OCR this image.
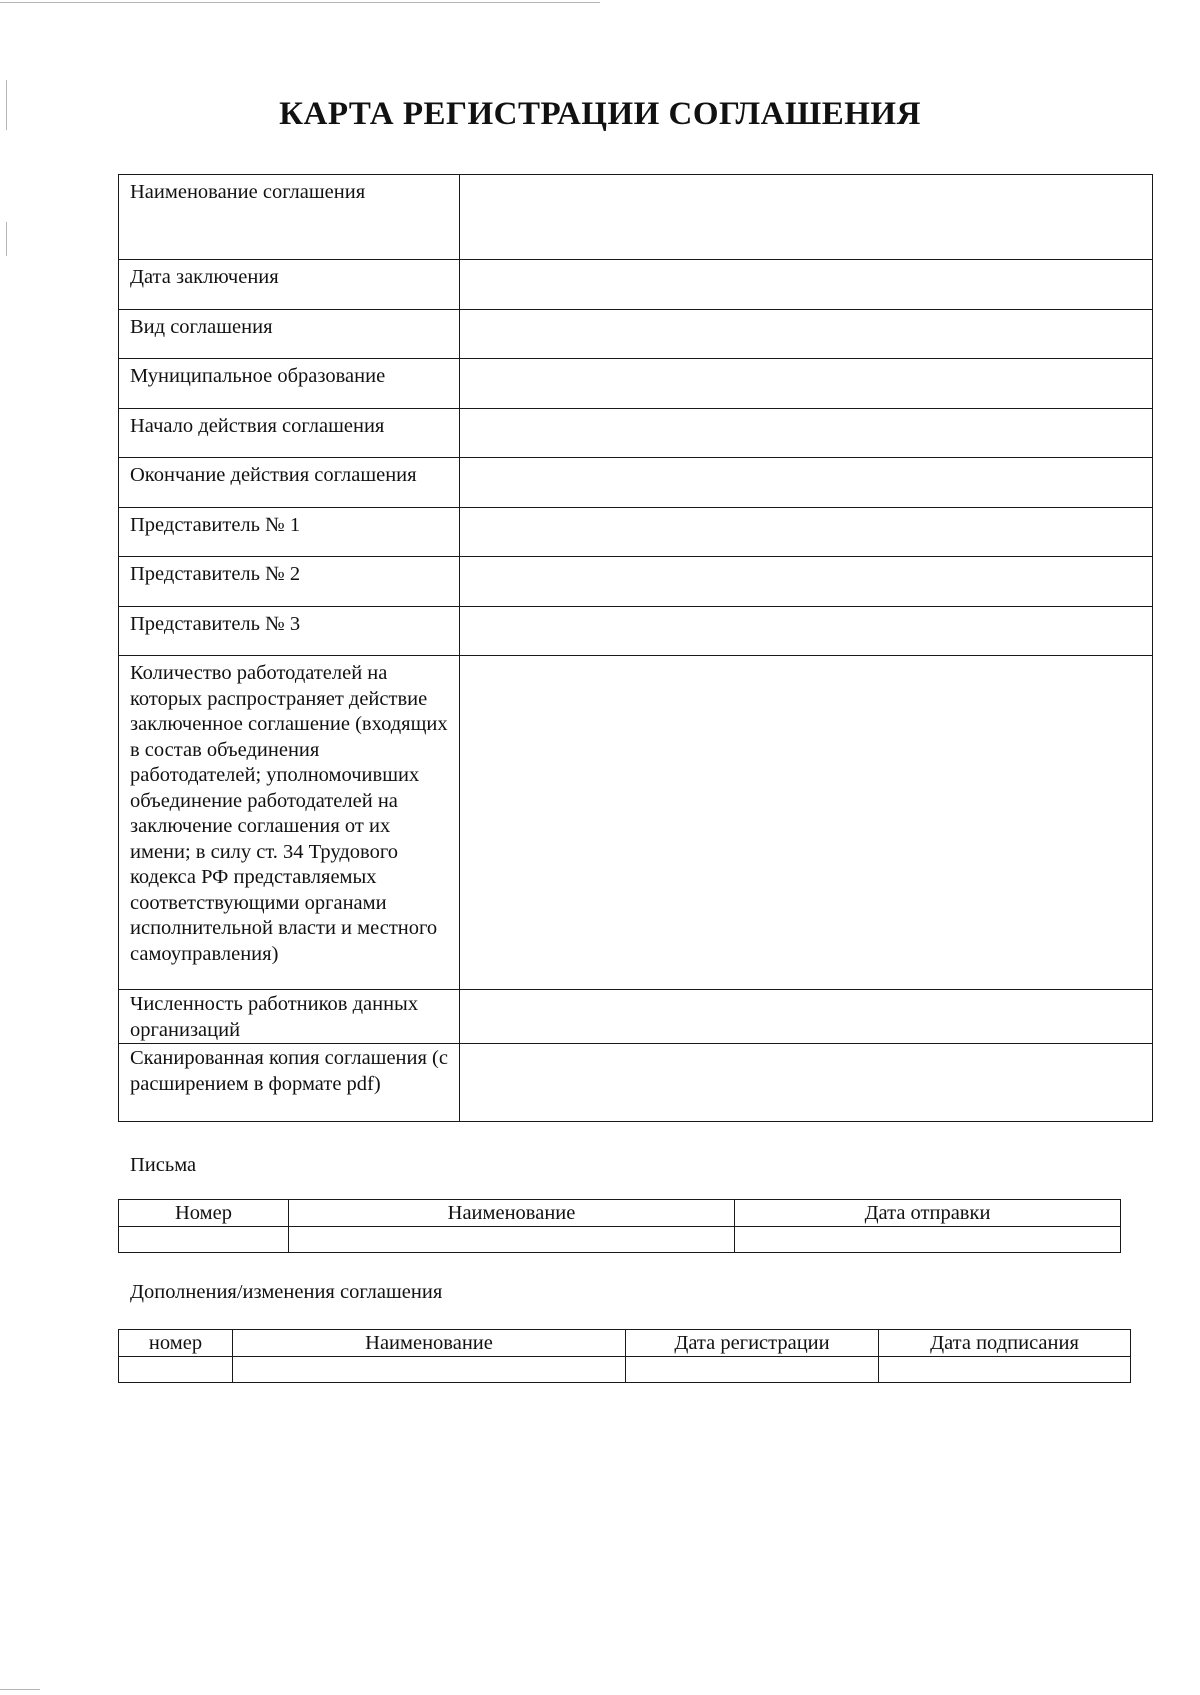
КАРТА РЕГИСТРАЦИИ СОГЛАШЕНИЯ
Наименование соглашения	
Дата заключения	
Вид соглашения	
Муниципальное образование	
Начало действия соглашения	
Окончание действия соглашения	
Представитель № 1	
Представитель № 2	
Представитель № 3	
Количество работодателей на которых распространяет действие заключенное соглашение (входящих в состав объединения работодателей; уполномочивших объединение работодателей на заключение соглашения от их имени; в силу ст. 34 Трудового кодекса РФ представляемых соответствующими органами исполнительной власти и местного самоуправления)	
Численность работников данных организаций	
Сканированная копия соглашения (с расширением в формате pdf)	

Письма

Номер	Наименование	Дата отправки

Дополнения/изменения соглашения

номер	Наименование	Дата регистрации	Дата подписания
